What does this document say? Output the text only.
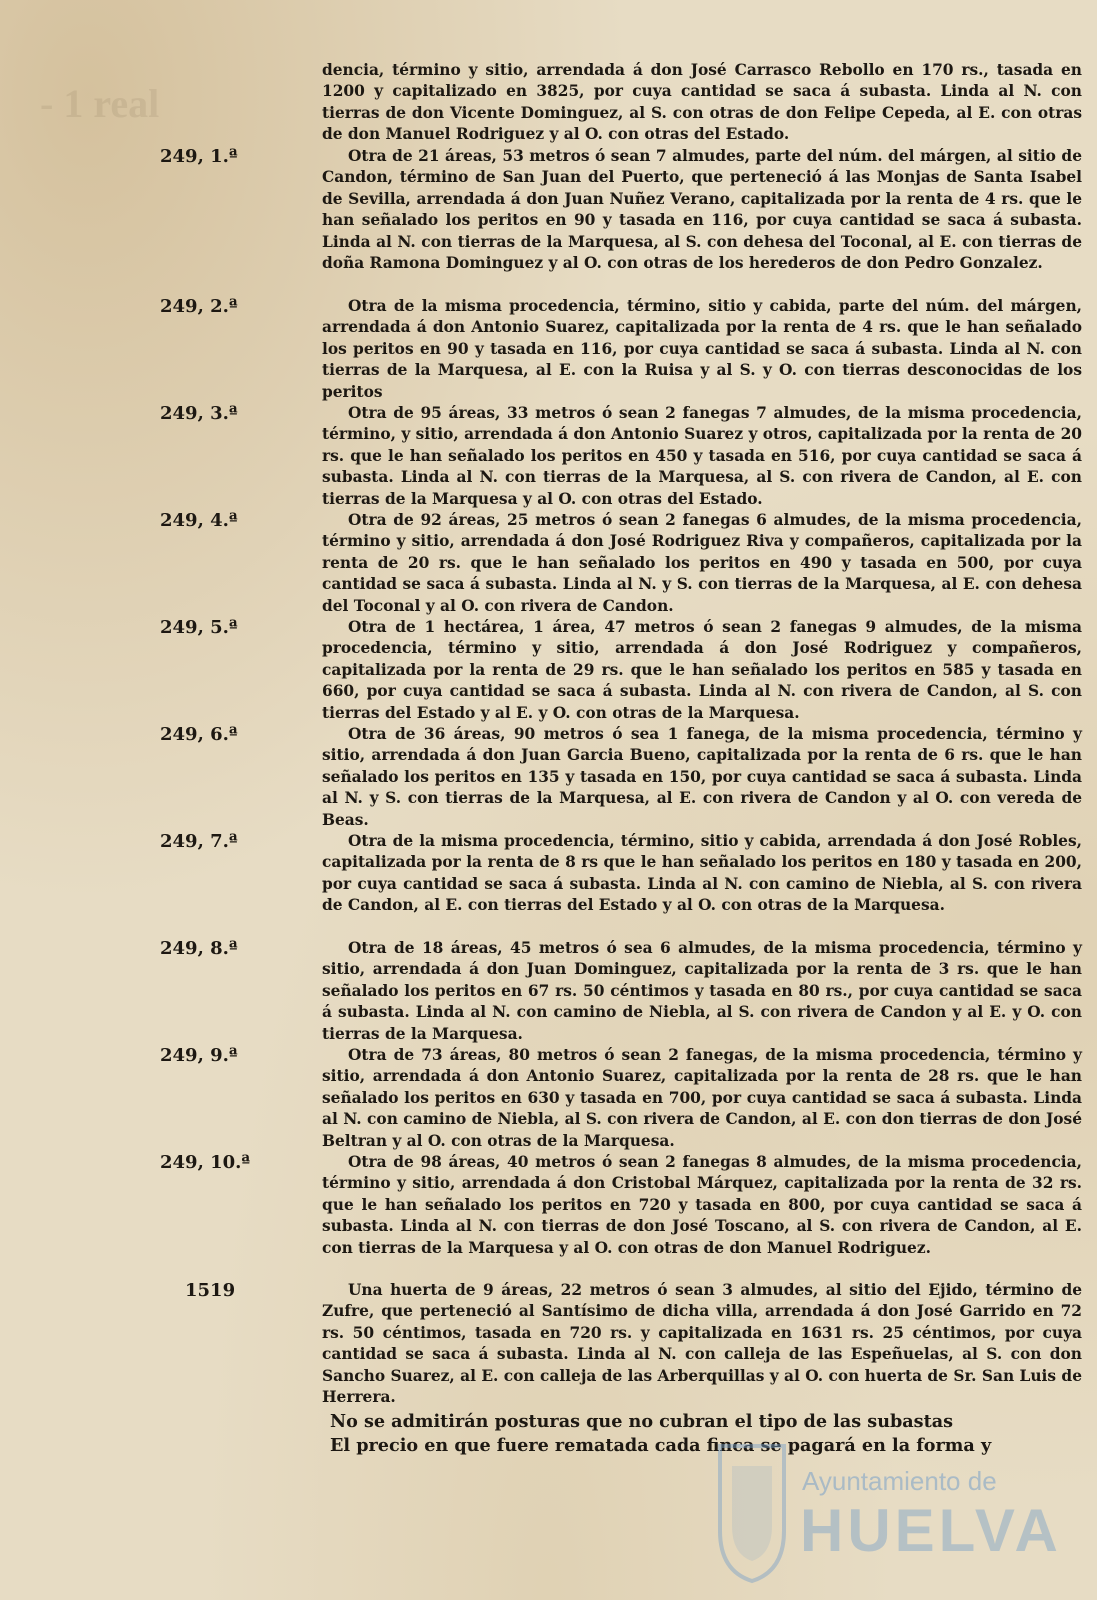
- 1 real
dencia, término y sitio, arrendada á don José Carrasco Rebollo en 170 rs., tasada en 1200 y capitalizado en 3825, por cuya cantidad se saca á subasta. Linda al N. con tierras de don Vicente Dominguez, al S. con otras de don Felipe Cepeda, al E. con otras de don Manuel Rodriguez y al O. con otras del Estado.
249, 1.ª	Otra de 21 áreas, 53 metros ó sean 7 almudes, parte del núm. del márgen, al sitio de Candon, término de San Juan del Puerto, que perteneció á las Monjas de Santa Isabel de Sevilla, arrendada á don Juan Nuñez Verano, capitalizada por la renta de 4 rs. que le han señalado los peritos en 90 y tasada en 116, por cuya cantidad se saca á subasta. Linda al N. con tierras de la Marquesa, al S. con dehesa del Toconal, al E. con tierras de doña Ramona Dominguez y al O. con otras de los herederos de don Pedro Gonzalez.
249, 2.ª	Otra de la misma procedencia, término, sitio y cabida, parte del núm. del márgen, arrendada á don Antonio Suarez, capitalizada por la renta de 4 rs. que le han señalado los peritos en 90 y tasada en 116, por cuya cantidad se saca á subasta. Linda al N. con tierras de la Marquesa, al E. con la Ruisa y al S. y O. con tierras desconocidas de los peritos
249, 3.ª	Otra de 95 áreas, 33 metros ó sean 2 fanegas 7 almudes, de la misma procedencia, término, y sitio, arrendada á don Antonio Suarez y otros, capitalizada por la renta de 20 rs. que le han señalado los peritos en 450 y tasada en 516, por cuya cantidad se saca á subasta. Linda al N. con tierras de la Marquesa, al S. con rivera de Candon, al E. con tierras de la Marquesa y al O. con otras del Estado.
249, 4.ª	Otra de 92 áreas, 25 metros ó sean 2 fanegas 6 almudes, de la misma procedencia, término y sitio, arrendada á don José Rodriguez Riva y compañeros, capitalizada por la renta de 20 rs. que le han señalado los peritos en 490 y tasada en 500, por cuya cantidad se saca á subasta. Linda al N. y S. con tierras de la Marquesa, al E. con dehesa del Toconal y al O. con rivera de Candon.
249, 5.ª	Otra de 1 hectárea, 1 área, 47 metros ó sean 2 fanegas 9 almudes, de la misma procedencia, término y sitio, arrendada á don José Rodriguez y compañeros, capitalizada por la renta de 29 rs. que le han señalado los peritos en 585 y tasada en 660, por cuya cantidad se saca á subasta. Linda al N. con rivera de Candon, al S. con tierras del Estado y al E. y O. con otras de la Marquesa.
249, 6.ª	Otra de 36 áreas, 90 metros ó sea 1 fanega, de la misma procedencia, término y sitio, arrendada á don Juan Garcia Bueno, capitalizada por la renta de 6 rs. que le han señalado los peritos en 135 y tasada en 150, por cuya cantidad se saca á subasta. Linda al N. y S. con tierras de la Marquesa, al E. con rivera de Candon y al O. con vereda de Beas.
249, 7.ª	Otra de la misma procedencia, término, sitio y cabida, arrendada á don José Robles, capitalizada por la renta de 8 rs que le han señalado los peritos en 180 y tasada en 200, por cuya cantidad se saca á subasta. Linda al N. con camino de Niebla, al S. con rivera de Candon, al E. con tierras del Estado y al O. con otras de la Marquesa.
249, 8.ª	Otra de 18 áreas, 45 metros ó sea 6 almudes, de la misma procedencia, término y sitio, arrendada á don Juan Dominguez, capitalizada por la renta de 3 rs. que le han señalado los peritos en 67 rs. 50 céntimos y tasada en 80 rs., por cuya cantidad se saca á subasta. Linda al N. con camino de Niebla, al S. con rivera de Candon y al E. y O. con tierras de la Marquesa.
249, 9.ª	Otra de 73 áreas, 80 metros ó sean 2 fanegas, de la misma procedencia, término y sitio, arrendada á don Antonio Suarez, capitalizada por la renta de 28 rs. que le han señalado los peritos en 630 y tasada en 700, por cuya cantidad se saca á subasta. Linda al N. con camino de Niebla, al S. con rivera de Candon, al E. con don tierras de don José Beltran y al O. con otras de la Marquesa.
249, 10.ª	Otra de 98 áreas, 40 metros ó sean 2 fanegas 8 almudes, de la misma procedencia, término y sitio, arrendada á don Cristobal Márquez, capitalizada por la renta de 32 rs. que le han señalado los peritos en 720 y tasada en 800, por cuya cantidad se saca á subasta. Linda al N. con tierras de don José Toscano, al S. con rivera de Candon, al E. con tierras de la Marquesa y al O. con otras de don Manuel Rodriguez.
1519	Una huerta de 9 áreas, 22 metros ó sean 3 almudes, al sitio del Ejido, término de Zufre, que perteneció al Santísimo de dicha villa, arrendada á don José Garrido en 72 rs. 50 céntimos, tasada en 720 rs. y capitalizada en 1631 rs. 25 céntimos, por cuya cantidad se saca á subasta. Linda al N. con calleja de las Espeñuelas, al S. con don Sancho Suarez, al E. con calleja de las Arberquillas y al O. con huerta de Sr. San Luis de Herrera.
No se admitirán posturas que no cubran el tipo de las subastas
El precio en que fuere rematada cada finca se pagará en la forma y
Ayuntamiento de
HUELVA
